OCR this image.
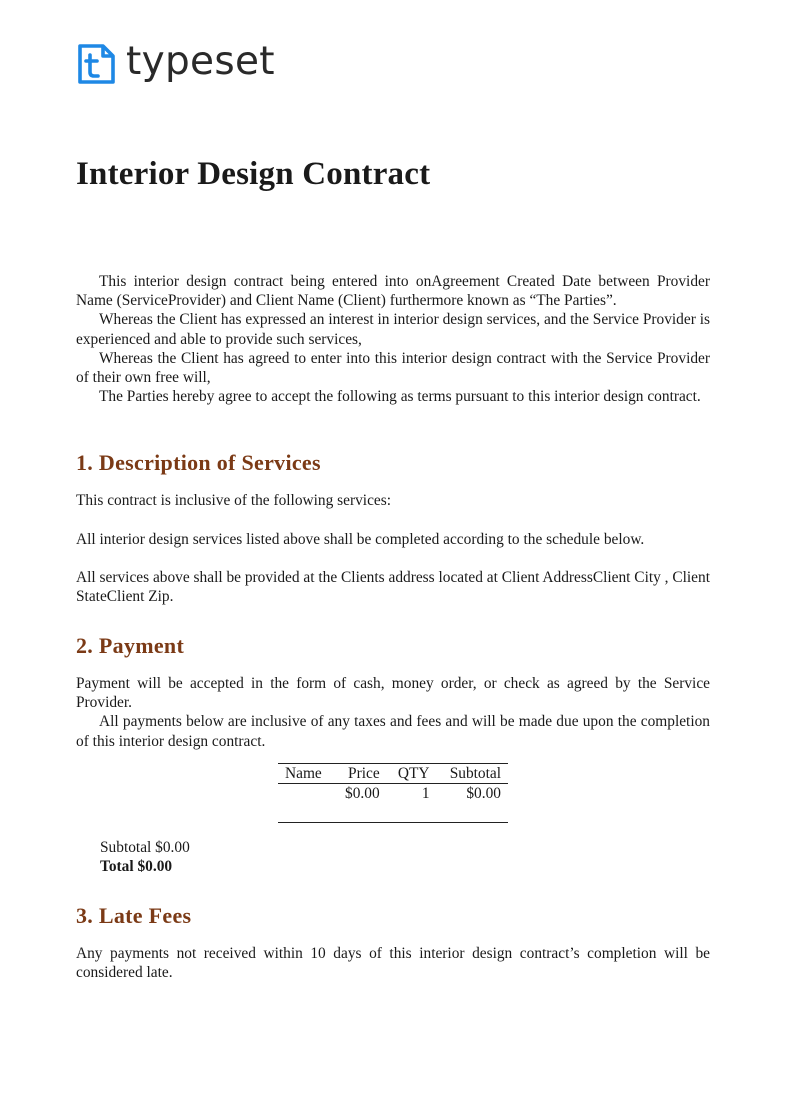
typeset
Interior Design Contract

This interior design contract being entered into onAgreement Created Date between Provider Name (ServiceProvider) and Client Name (Client) furthermore known as “The Parties”.

Whereas the Client has expressed an interest in interior design services, and the Service Provider is experienced and able to provide such services,

Whereas the Client has agreed to enter into this interior design contract with the Service Provider of their own free will,

The Parties hereby agree to accept the following as terms pursuant to this interior design contract.

1. Description of Services

This contract is inclusive of the following services:

All interior design services listed above shall be completed according to the schedule below.

All services above shall be provided at the Clients address located at Client AddressClient City , Client StateClient Zip.

2. Payment

Payment will be accepted in the form of cash, money order, or check as agreed by the Service Provider.

All payments below are inclusive of any taxes and fees and will be made due upon the completion of this interior design contract.

Name	Price	QTY	Subtotal
	$0.00	1	$0.00
Subtotal $0.00
Total $0.00
3. Late Fees

Any payments not received within 10 days of this interior design contract’s completion will be considered late.
